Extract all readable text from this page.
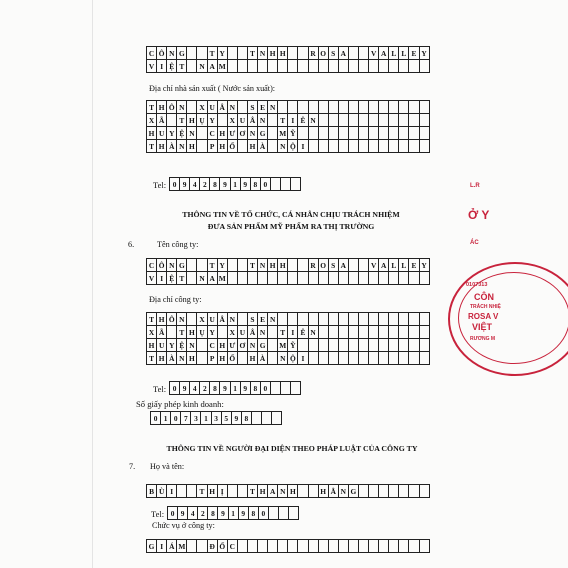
C Ô N G	T Y	T N H H	R O S A	V A L L E Y
V I Ệ T	N A M
Địa chỉ nhà sản xuất ( Nước sản xuất):
T H Ô N	X U Â N	S E N
X Ã	T H Ụ Y	X U Â N	T I Ê N
H U Y Ệ N	C H Ư Ơ N G	M Ỹ
T H À N H	P H Ố	H À	N Ộ I
Tel: 0 9 4 2 8 9 1 9 8 0
THÔNG TIN VỀ TỔ CHỨC, CÁ NHÂN CHỊU TRÁCH NHIỆM
ĐƯA SẢN PHẨM MỸ PHẨM RA THỊ TRƯỜNG
6.	Tên công ty:
C Ô N G	T Y	T N H H	R O S A	V A L L E Y
V I Ệ T	N A M
Địa chỉ công ty:
T H Ô N	X U Â N	S E N
X Ã	T H Ụ Y	X U Â N	T I Ê N
H U Y Ệ N	C H Ư Ơ N G	M Ỹ
T H À N H	P H Ố	H À	N Ộ I
Tel: 0 9 4 2 8 9 1 9 8 0
Số giấy phép kinh doanh:
0 1 0 7 3 1 3 5 9 8
THÔNG TIN VỀ NGƯỜI ĐẠI DIỆN THEO PHÁP LUẬT CỦA CÔNG TY
7. Họ và tên:
B Ù I	T H Ị	T H A N H	H Ằ N G
Tel: 0 9 4 2 8 9 1 9 8 0
Chức vụ ở công ty:
G I Á M	Đ Ố C
L.R
Ở Y
ÁC
0107313
CÔN
TRÁCH NHIỆ
ROSA V
VIỆT
RƯƠNG M
